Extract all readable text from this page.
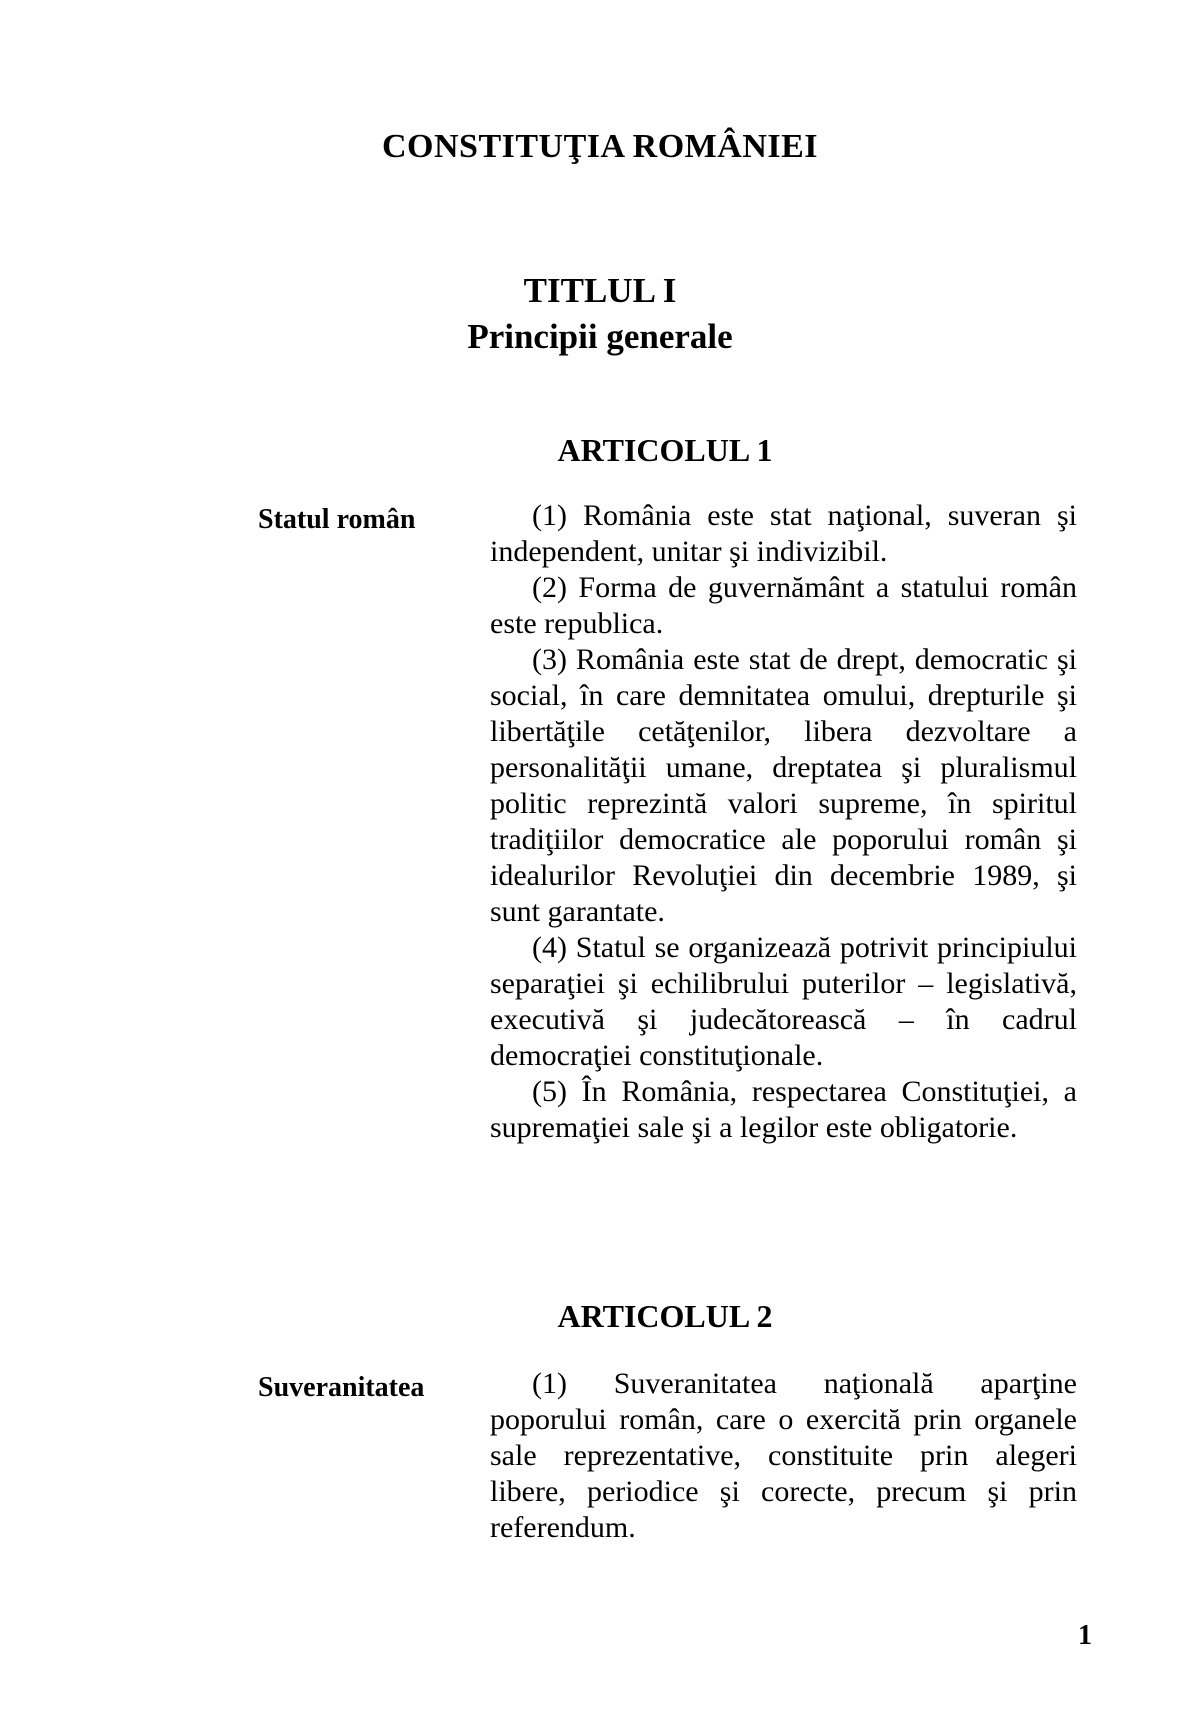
CONSTITUŢIA ROMÂNIEI
TITLUL I
Principii generale
ARTICOLUL 1

Statul român	(1) România este stat naţional, suveran şi independent, unitar şi indivizibil.

(2) Forma de guvernământ a statului român este republica.

(3) România este stat de drept, democratic şi social, în care demnitatea omului, drepturile şi libertăţile cetăţenilor, libera dezvoltare a personalităţii umane, dreptatea şi pluralismul politic reprezintă valori supreme, în spiritul tradiţiilor democratice ale poporului român şi idealurilor Revoluţiei din decembrie 1989, şi sunt garantate.

(4) Statul se organizează potrivit principiului separaţiei şi echilibrului puterilor – legislativă, executivă şi judecătorească – în cadrul democraţiei constituţionale.

(5) În România, respectarea Constituţiei, a supremaţiei sale şi a legilor este obligatorie.

ARTICOLUL 2

Suveranitatea	(1) Suveranitatea naţională aparţine poporului român, care o exercită prin organele sale reprezentative, constituite prin alegeri libere, periodice şi corecte, precum şi prin referendum.

1
